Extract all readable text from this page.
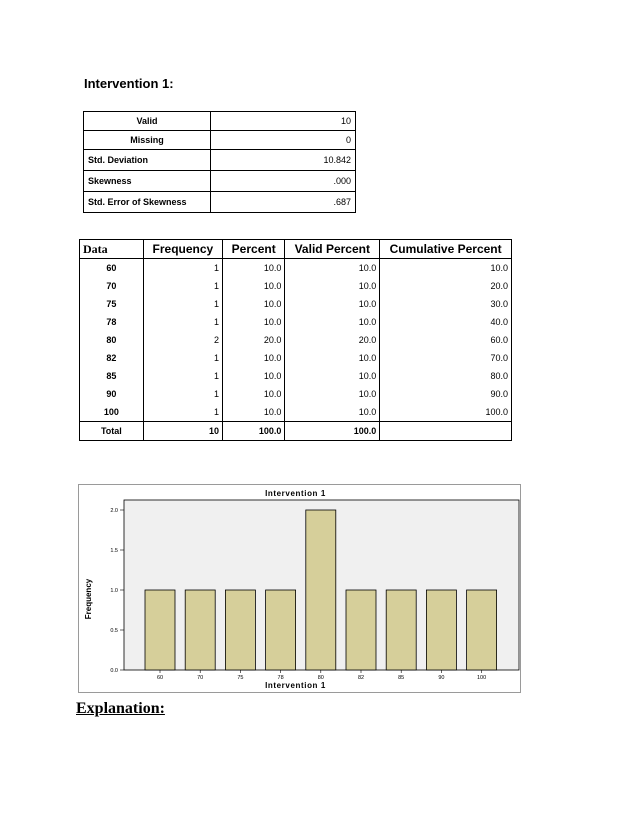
Intervention 1:
Valid	10
Missing	0
Std. Deviation	10.842
Skewness	.000
Std. Error of Skewness	.687
Data	Frequency	Percent	Valid Percent	Cumulative Percent
60	1	10.0	10.0	10.0
70	1	10.0	10.0	20.0
75	1	10.0	10.0	30.0
78	1	10.0	10.0	40.0
80	2	20.0	20.0	60.0
82	1	10.0	10.0	70.0
85	1	10.0	10.0	80.0
90	1	10.0	10.0	90.0
100	1	10.0	10.0	100.0
Total	10	100.0	100.0	
Intervention 1
0.0
0.5
1.0
1.5
2.0
Frequency
60	70	75	78	80	82	85	90	100
Intervention 1
Explanation:
